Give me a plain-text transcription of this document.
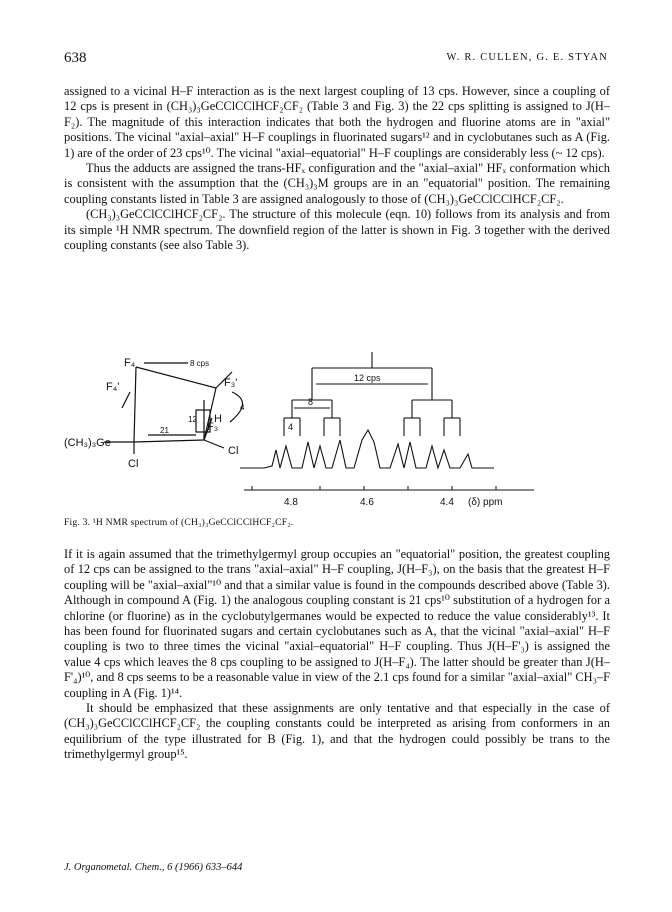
638	W. R. CULLEN, G. E. STYAN

assigned to a vicinal H–F interaction as is the next largest coupling of 13 cps. However, since a coupling of 12 cps is present in (CH₃)₃GeCClCClHCF₂CF₂ (Table 3 and Fig. 3) the 22 cps splitting is assigned to J(H–F₂). The magnitude of this interaction indicates that both the hydrogen and fluorine atoms are in "axial" positions. The vicinal "axial–axial" H–F couplings in fluorinated sugars¹² and in cyclobutanes such as A (Fig. 1) are of the order of 23 cps¹⁰. The vicinal "axial–equatorial" H–F couplings are considerably less (~ 12 cps).

Thus the adducts are assigned the trans-HFₓ configuration and the "axial–axial" HFₓ conformation which is consistent with the assumption that the (CH₃)₃M groups are in an "equatorial" position. The remaining coupling constants listed in Table 3 are assigned analogously to those of (CH₃)₃GeCClCClHCF₂CF₂.

(CH₃)₃GeCClCClHCF₂CF₂. The structure of this molecule (eqn. 10) follows from its analysis and from its simple ¹H NMR spectrum. The downfield region of the latter is shown in Fig. 3 together with the derived coupling constants (see also Table 3).

F₄
F₄'	F₃'
F₃
H
Cl
Cl
(CH₃)₃Ge
8 cps
4
21
12
12 cps
8
4
4.8	4.6	4.4 (δ) ppm
Fig. 3. ¹H NMR spectrum of (CH₃)₃GeCClCClHCF₂CF₂.

If it is again assumed that the trimethylgermyl group occupies an "equatorial" position, the greatest coupling of 12 cps can be assigned to the trans "axial–axial" H–F coupling, J(H–F₃), on the basis that the greatest H–F coupling will be "axial–axial"¹⁰ and that a similar value is found in the compounds described above (Table 3). Although in compound A (Fig. 1) the analogous coupling constant is 21 cps¹⁰ substitution of a hydrogen for a chlorine (or fluorine) as in the cyclobutylgermanes would be expected to reduce the value considerably¹³. It has been found for fluorinated sugars and certain cyclobutanes such as A, that the vicinal "axial–axial" H–F coupling is two to three times the vicinal "axial–equatorial" H–F coupling. Thus J(H–F'₃) is assigned the value 4 cps which leaves the 8 cps coupling to be assigned to J(H–F₄). The latter should be greater than J(H–F'₄)¹⁰, and 8 cps seems to be a reasonable value in view of the 2.1 cps found for a similar "axial–axial" CH₃–F coupling in A (Fig. 1)¹⁴.

It should be emphasized that these assignments are only tentative and that especially in the case of (CH₃)₃GeCClCClHCF₂CF₂ the coupling constants could be interpreted as arising from conformers in an equilibrium of the type illustrated for B (Fig. 1), and that the hydrogen could possibly be trans to the trimethylgermyl group¹⁵.

J. Organometal. Chem., 6 (1966) 633–644
